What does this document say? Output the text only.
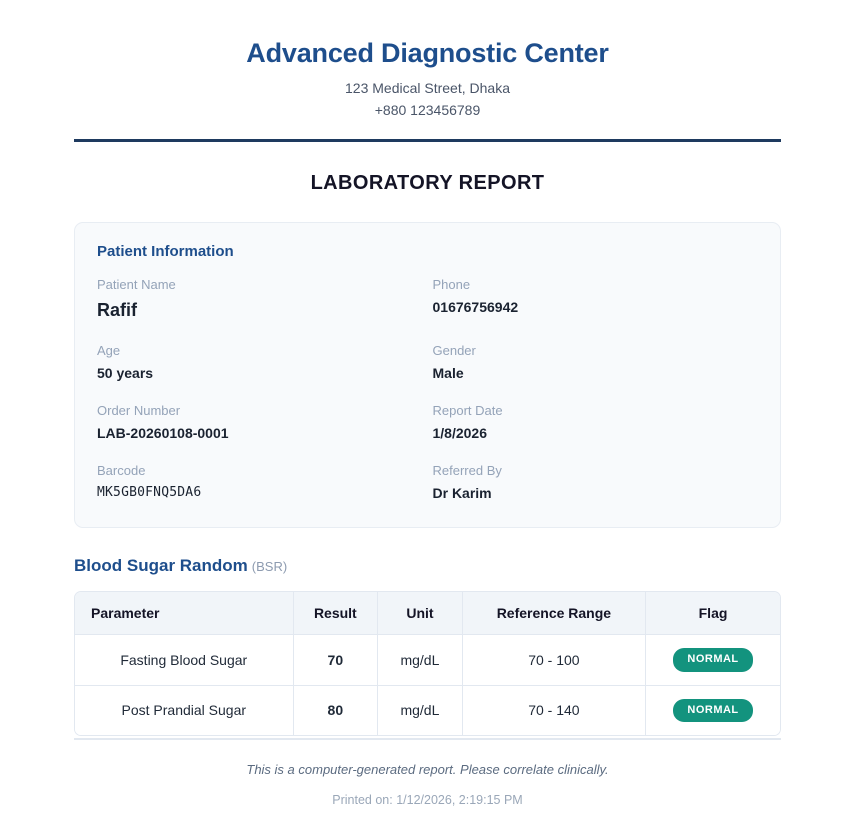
Advanced Diagnostic Center

123 Medical Street, Dhaka

+880 123456789

LABORATORY REPORT
Patient Information

Patient Name

Rafif

Phone

01676756942

Age

50 years

Gender

Male

Order Number

LAB-20260108-0001

Report Date

1/8/2026

Barcode

MK5GB0FNQ5DA6

Referred By

Dr Karim

Blood Sugar Random (BSR)
Parameter	Result	Unit	Reference Range	Flag
Fasting Blood Sugar	70	mg/dL	70 - 100	NORMAL
Post Prandial Sugar	80	mg/dL	70 - 140	NORMAL

This is a computer-generated report. Please correlate clinically.

Printed on: 1/12/2026, 2:19:15 PM
